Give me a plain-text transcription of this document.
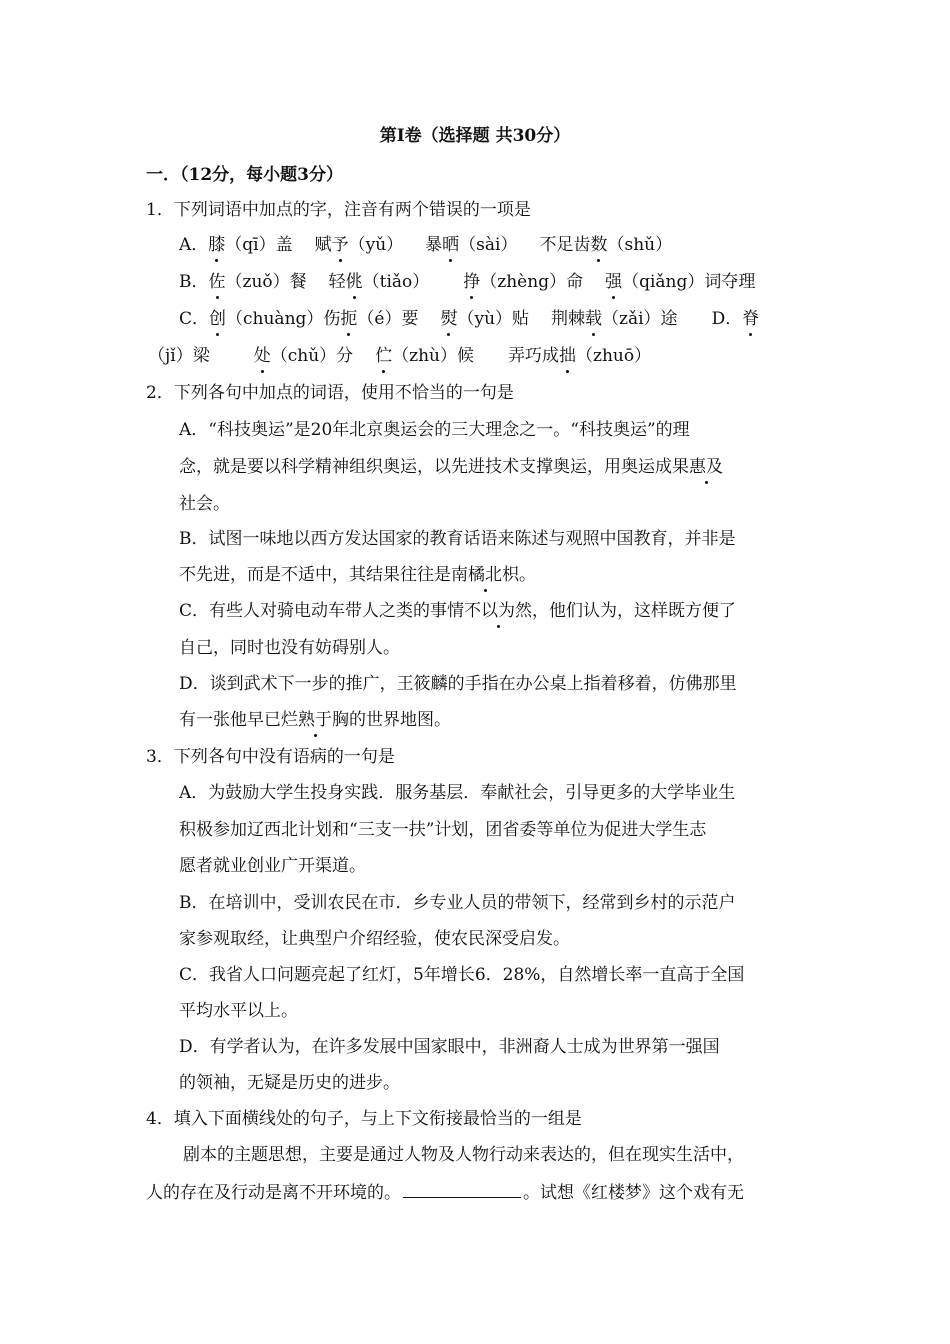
第Ⅰ卷（选择题 共30分）
一．（12分，每小题3分）
1．下列词语中加点的字，注音有两个错误的一项是
A．膝（qī）盖 赋予（yǔ） 暴晒（sài） 不足齿数（shǔ）
B．佐（zuǒ）餐 轻佻（tiǎo） 挣（zhèng）命 强（qiǎng）词夺理
C．创（chuàng）伤扼（é）要 熨（yù）贴 荆棘载（zǎi）途 D．脊
（jǐ）梁	处（chǔ）分 伫（zhù）候 弄巧成拙（zhuō）
2．下列各句中加点的词语，使用不恰当的一句是
A．“科技奥运”是20年北京奥运会的三大理念之一。“科技奥运”的理
念，就是要以科学精神组织奥运，以先进技术支撑奥运，用奥运成果惠及
社会。
B．试图一味地以西方发达国家的教育话语来陈述与观照中国教育，并非是
不先进，而是不适中，其结果往往是南橘北枳。
C．有些人对骑电动车带人之类的事情不以为然，他们认为，这样既方便了
自己，同时也没有妨碍别人。
D．谈到武术下一步的推广，王筱麟的手指在办公桌上指着移着，仿佛那里
有一张他早已烂熟于胸的世界地图。
3．下列各句中没有语病的一句是
A．为鼓励大学生投身实践．服务基层．奉献社会，引导更多的大学毕业生
积极参加辽西北计划和“三支一扶”计划，团省委等单位为促进大学生志
愿者就业创业广开渠道。
B．在培训中，受训农民在市．乡专业人员的带领下，经常到乡村的示范户
家参观取经，让典型户介绍经验，使农民深受启发。
C．我省人口问题亮起了红灯，5年增长6．28%，自然增长率一直高于全国
平均水平以上。
D．有学者认为，在许多发展中国家眼中，非洲裔人士成为世界第一强国
的领袖，无疑是历史的进步。
4．填入下面横线处的句子，与上下文衔接最恰当的一组是
剧本的主题思想，主要是通过人物及人物行动来表达的，但在现实生活中，
人的存在及行动是离不开环境的。	。试想《红楼梦》这个戏有无
